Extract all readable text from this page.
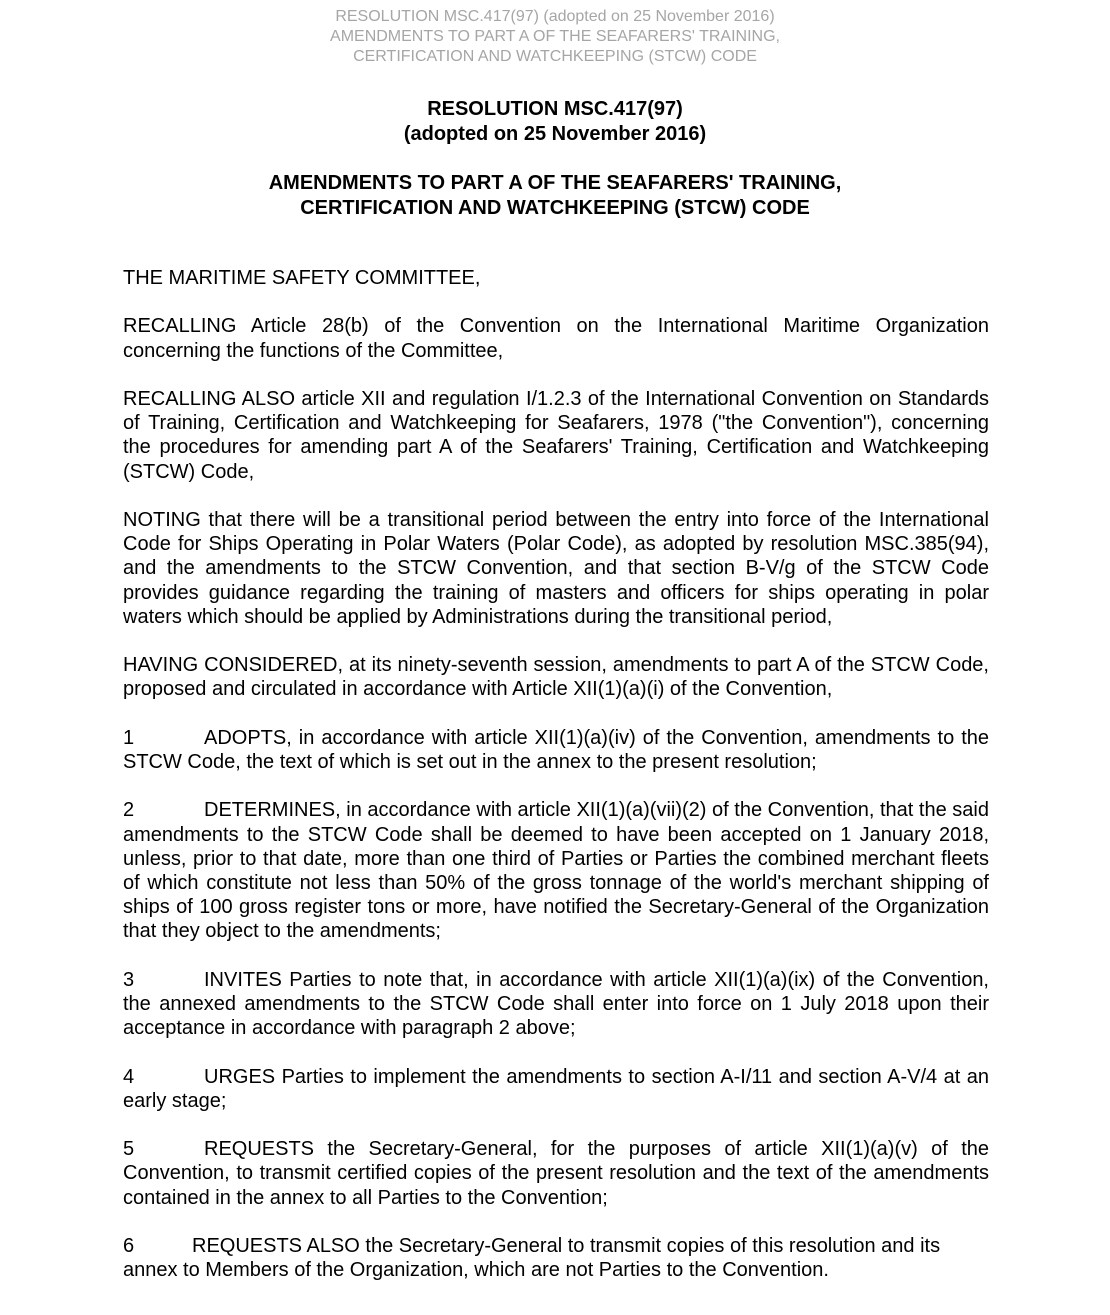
RESOLUTION MSC.417(97) (adopted on 25 November 2016)
AMENDMENTS TO PART A OF THE SEAFARERS' TRAINING,
CERTIFICATION AND WATCHKEEPING (STCW) CODE
RESOLUTION MSC.417(97)
(adopted on 25 November 2016)
AMENDMENTS TO PART A OF THE SEAFARERS' TRAINING,
CERTIFICATION AND WATCHKEEPING (STCW) CODE

THE MARITIME SAFETY COMMITTEE,

RECALLING Article 28(b) of the Convention on the International Maritime Organization concerning the functions of the Committee,

RECALLING ALSO article XII and regulation I/1.2.3 of the International Convention on Standards of Training, Certification and Watchkeeping for Seafarers, 1978 ("the Convention"), concerning the procedures for amending part A of the Seafarers' Training, Certification and Watchkeeping (STCW) Code,

NOTING that there will be a transitional period between the entry into force of the International Code for Ships Operating in Polar Waters (Polar Code), as adopted by resolution MSC.385(94), and the amendments to the STCW Convention, and that section B-V/g of the STCW Code provides guidance regarding the training of masters and officers for ships operating in polar waters which should be applied by Administrations during the transitional period,

HAVING CONSIDERED, at its ninety-seventh session, amendments to part A of the STCW Code, proposed and circulated in accordance with Article XII(1)(a)(i) of the Convention,

1	ADOPTS, in accordance with article XII(1)(a)(iv) of the Convention, amendments to the STCW Code, the text of which is set out in the annex to the present resolution;

2	DETERMINES, in accordance with article XII(1)(a)(vii)(2) of the Convention, that the said amendments to the STCW Code shall be deemed to have been accepted on 1 January 2018, unless, prior to that date, more than one third of Parties or Parties the combined merchant fleets of which constitute not less than 50% of the gross tonnage of the world's merchant shipping of ships of 100 gross register tons or more, have notified the Secretary-General of the Organization that they object to the amendments;

3	INVITES Parties to note that, in accordance with article XII(1)(a)(ix) of the Convention, the annexed amendments to the STCW Code shall enter into force on 1 July 2018 upon their acceptance in accordance with paragraph 2 above;

4	URGES Parties to implement the amendments to section A-I/11 and section A-V/4 at an early stage;

5	REQUESTS the Secretary-General, for the purposes of article XII(1)(a)(v) of the Convention, to transmit certified copies of the present resolution and the text of the amendments contained in the annex to all Parties to the Convention;

6	REQUESTS ALSO the Secretary-General to transmit copies of this resolution and its annex to Members of the Organization, which are not Parties to the Convention.
